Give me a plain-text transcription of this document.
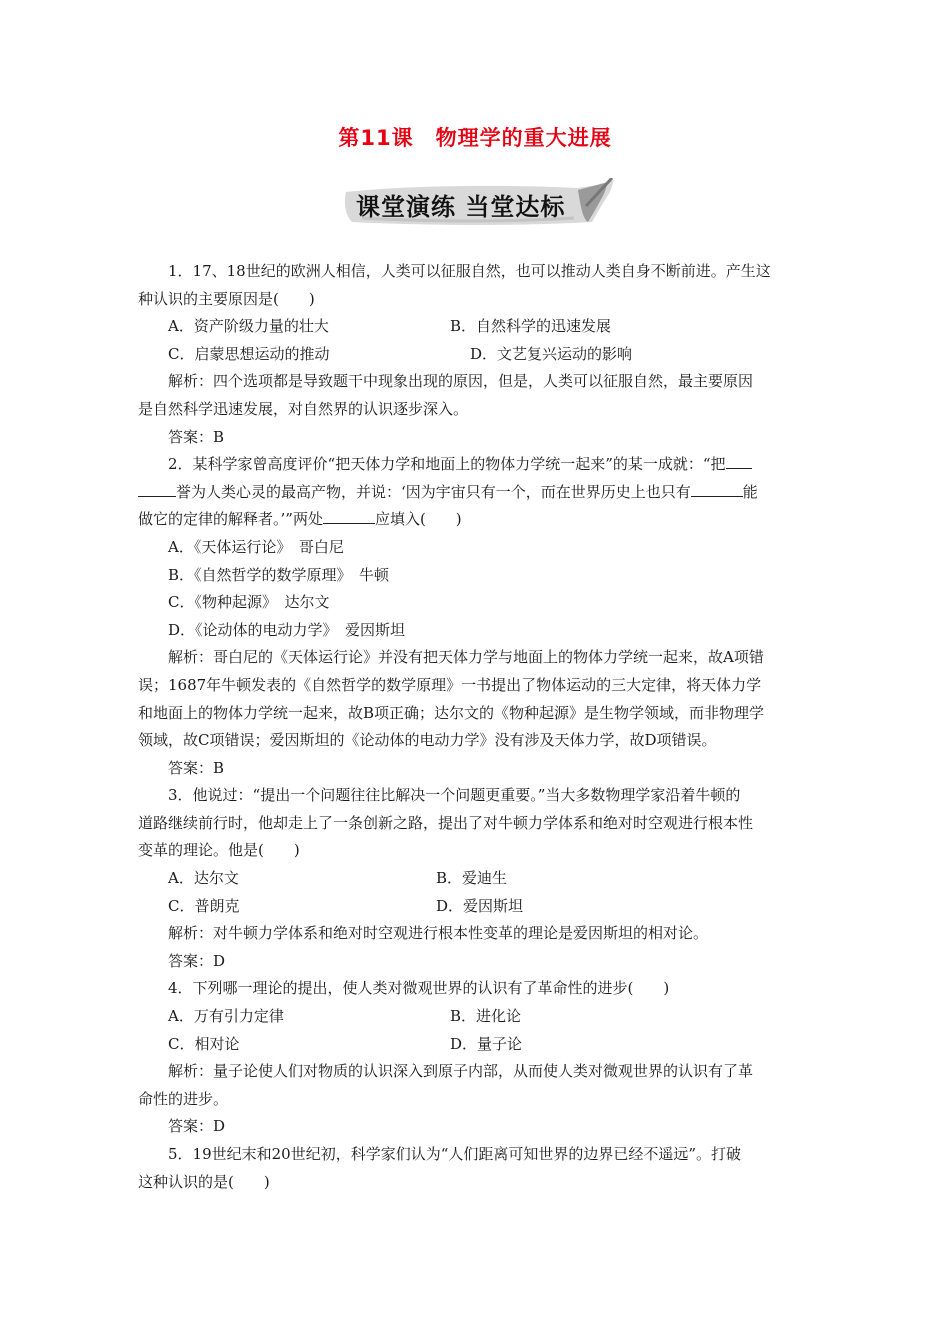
第11课 物理学的重大进展
课堂演练 当堂达标
1．17、18世纪的欧洲人相信，人类可以征服自然，也可以推动人类自身不断前进。产生这
种认识的主要原因是(　　)
A．资产阶级力量的壮大	B．自然科学的迅速发展
C．启蒙思想运动的推动	D．文艺复兴运动的影响
解析：四个选项都是导致题干中现象出现的原因，但是，人类可以征服自然，最主要原因
是自然科学迅速发展，对自然界的认识逐步深入。
答案：B
2．某科学家曾高度评价“把天体力学和地面上的物体力学统一起来”的某一成就：“把
誉为人类心灵的最高产物，并说：‘因为宇宙只有一个，而在世界历史上也只有	能
做它的定律的解释者。’”两处	应填入(　　)
A．《天体运行论》　哥白尼
B．《自然哲学的数学原理》　牛顿
C．《物种起源》　达尔文
D．《论动体的电动力学》　爱因斯坦
解析：哥白尼的《天体运行论》并没有把天体力学与地面上的物体力学统一起来，故A项错
误；1687年牛顿发表的《自然哲学的数学原理》一书提出了物体运动的三大定律，将天体力学
和地面上的物体力学统一起来，故B项正确；达尔文的《物种起源》是生物学领域，而非物理学
领域，故C项错误；爱因斯坦的《论动体的电动力学》没有涉及天体力学，故D项错误。
答案：B
3．他说过：“提出一个问题往往比解决一个问题更重要。”当大多数物理学家沿着牛顿的
道路继续前行时，他却走上了一条创新之路，提出了对牛顿力学体系和绝对时空观进行根本性
变革的理论。他是(　　)
A．达尔文	B．爱迪生
C．普朗克	D．爱因斯坦
解析：对牛顿力学体系和绝对时空观进行根本性变革的理论是爱因斯坦的相对论。
答案：D
4．下列哪一理论的提出，使人类对微观世界的认识有了革命性的进步(　　)
A．万有引力定律	B．进化论
C．相对论	D．量子论
解析：量子论使人们对物质的认识深入到原子内部，从而使人类对微观世界的认识有了革
命性的进步。
答案：D
5．19世纪末和20世纪初，科学家们认为“人们距离可知世界的边界已经不遥远”。打破
这种认识的是(　　)
